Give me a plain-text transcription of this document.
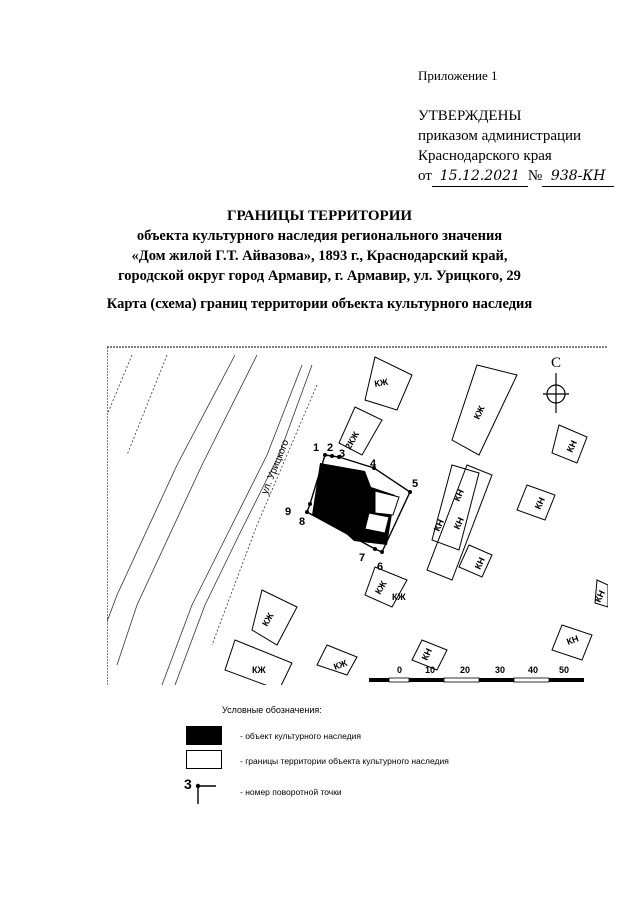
Приложение 1
УТВЕРЖДЕНЫ
приказом администрации
Краснодарского края
от 15.12.2021 № 938-КН
ГРАНИЦЫ ТЕРРИТОРИИ
объекта культурного наследия регионального значения
«Дом жилой Г.Т. Айвазова», 1893 г., Краснодарский край,
городской округ город Армавир, г. Армавир, ул. Урицкого, 29
Карта (схема) границ территории объекта культурного наследия
ул. Урицкого
КЖ
КЖ
2КЖ
КН
КН КН
КН
КН
КН
КН
КЖ
КЖ
КЖ	КЖ
КЖ
КН
КН
1 2 3
4
5
6
7
8
9
С
0	10	20	30	40 50
Условные обозначения:
- объект культурного наследия
- границы территории объекта культурного наследия
3	- номер поворотной точки
